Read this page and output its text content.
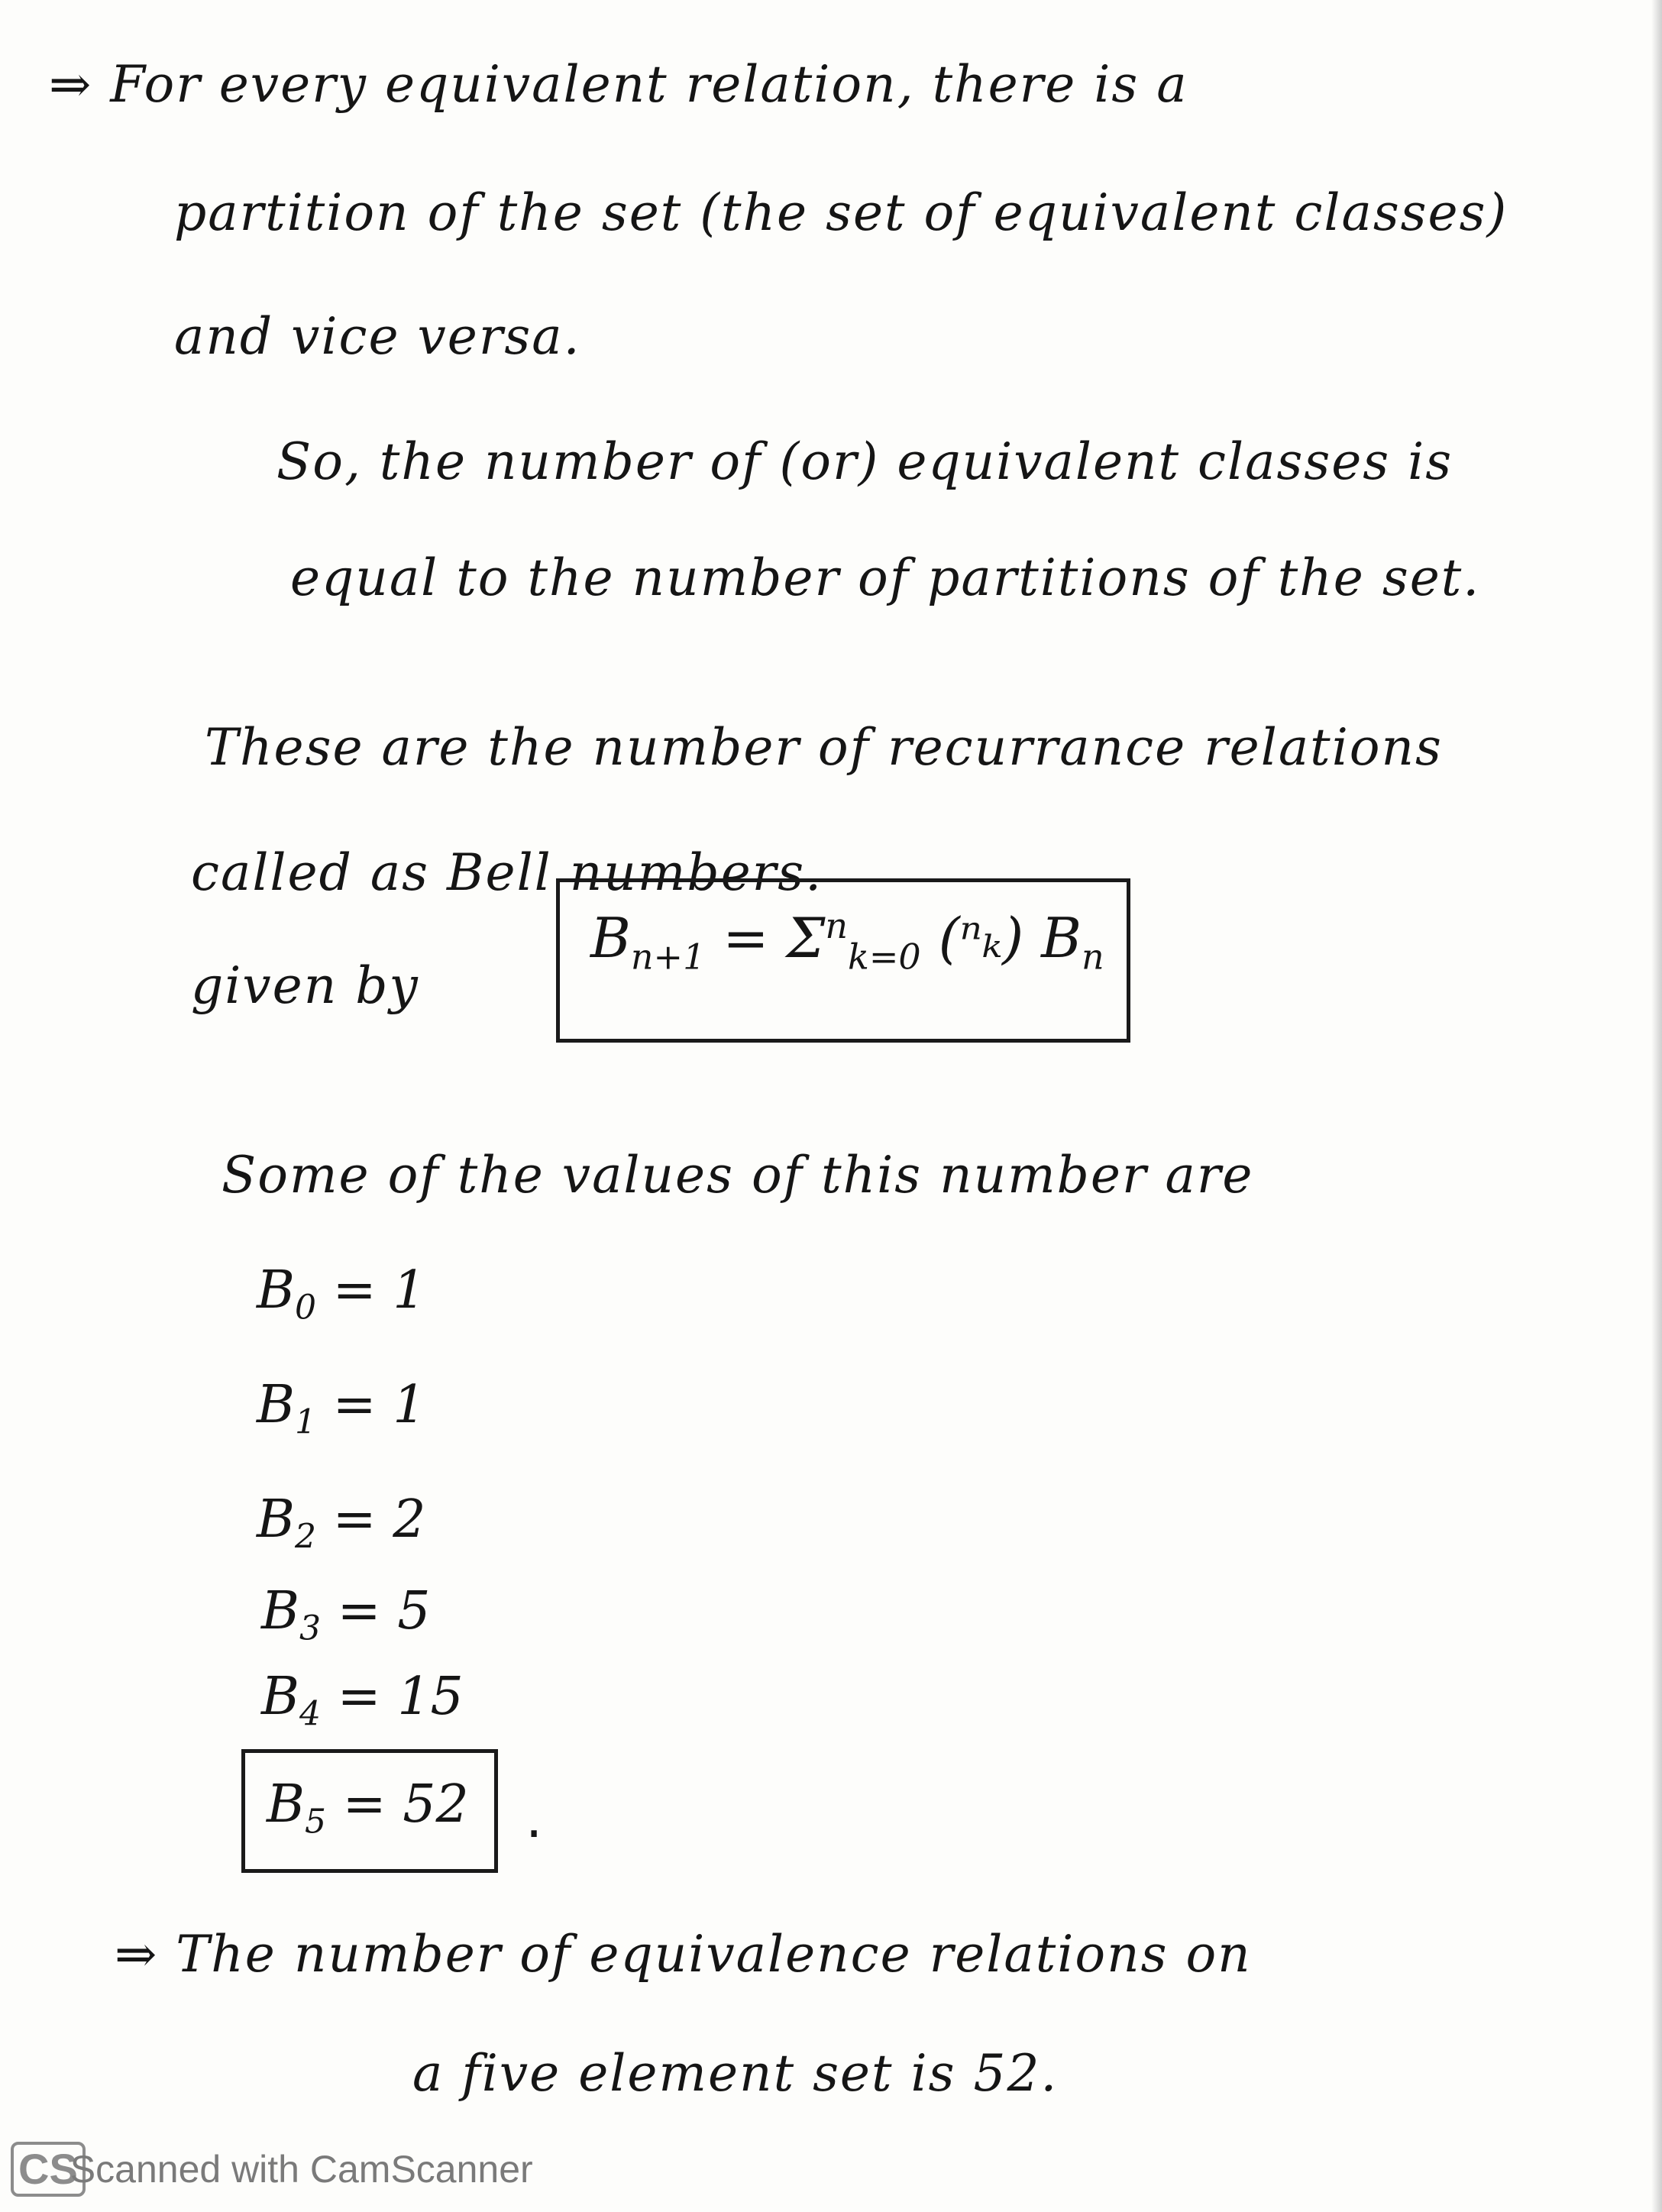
⇒ For every equivalent relation, there is a
partition of the set (the set of equivalent classes)
and vice versa.
So, the number of (or) equivalent classes is
equal to the number of partitions of the set.
These are the number of recurrance relations
called as Bell numbers.
given by
$B_{n+1} = \Sigma^n_{k=0}$ (ⁿₖ) $B_n$
Some of the values of this number are
$B_0 = 1$
$B_1 = 1$
$B_2 = 2$
$B_3 = 5$
$B_4 = 15$
$B_5 = 52$ .
⇒ The number of equivalence relations on
a five element set is 52.
CS
Scanned with CamScanner
